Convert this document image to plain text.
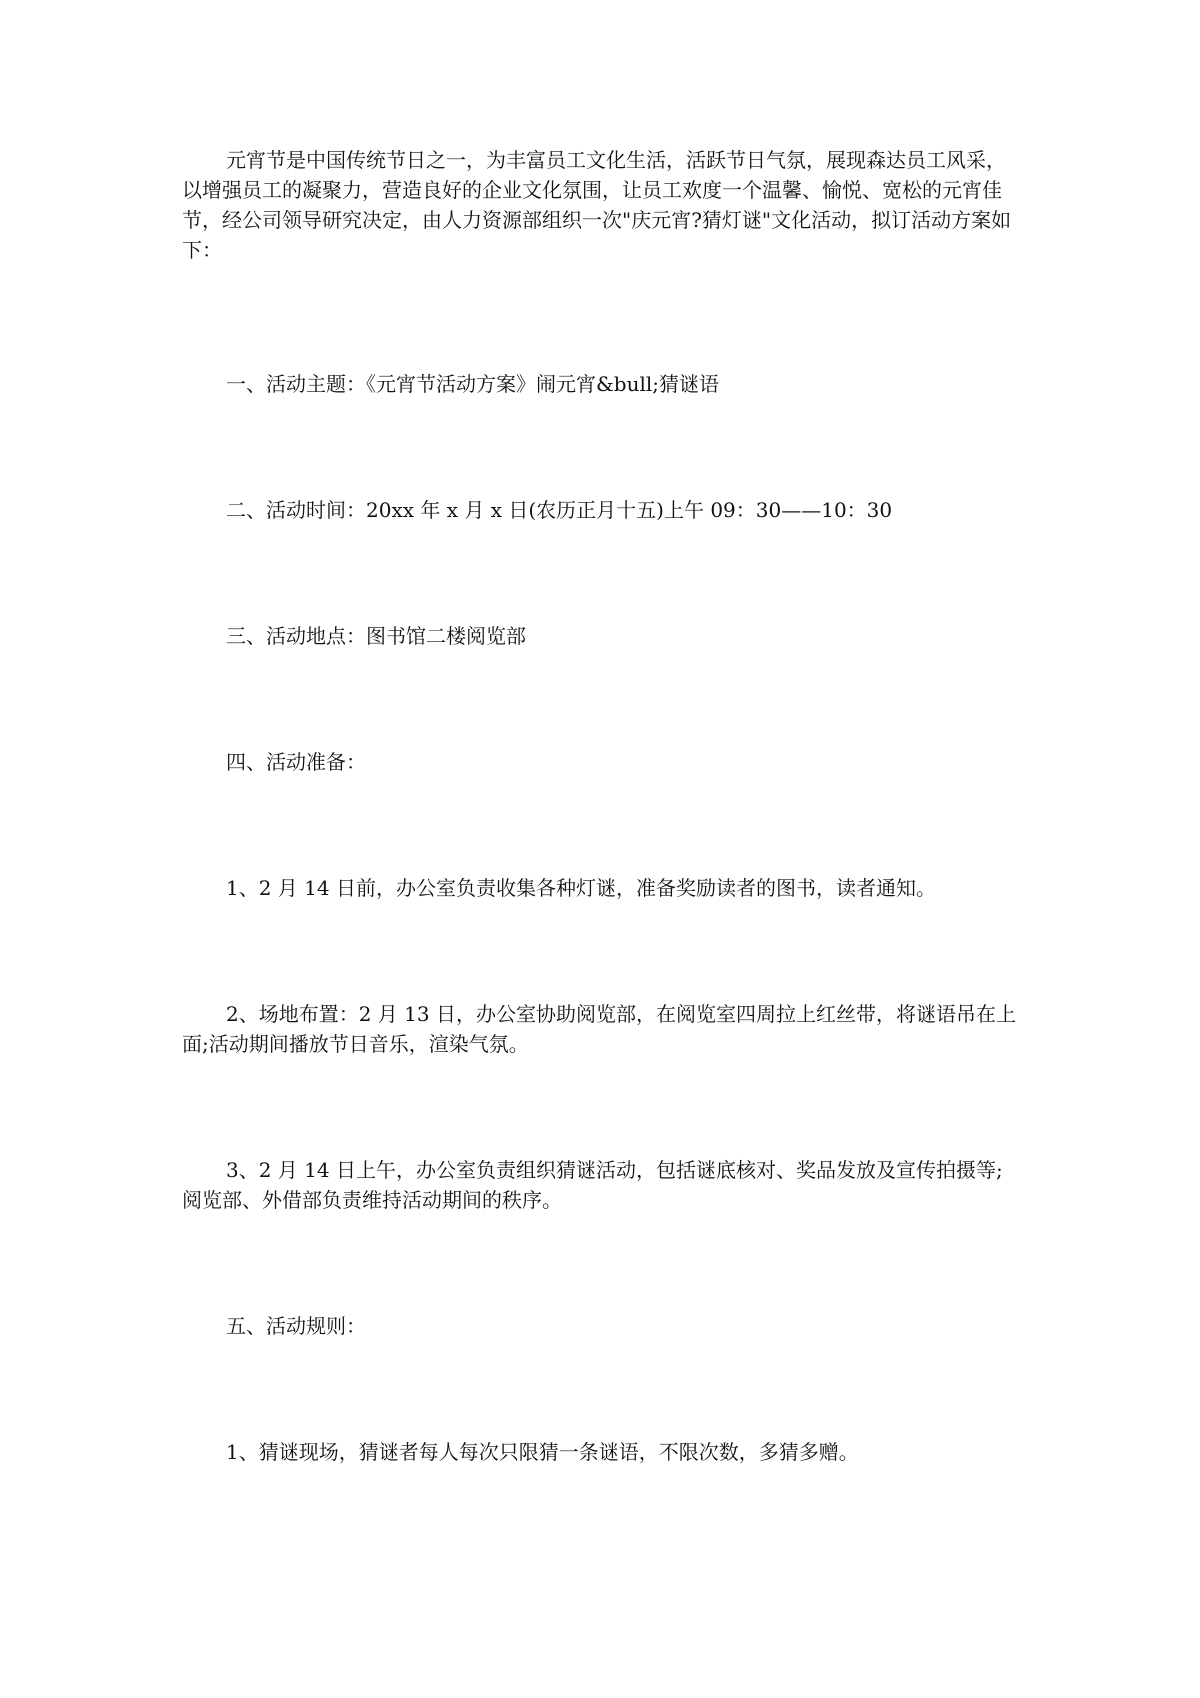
元宵节是中国传统节日之一，为丰富员工文化生活，活跃节日气氛，展现森达员工风采，以增强员工的凝聚力，营造良好的企业文化氛围，让员工欢度一个温馨、愉悦、宽松的元宵佳节，经公司领导研究决定，由人力资源部组织一次"庆元宵?猜灯谜"文化活动，拟订活动方案如下：

一、活动主题：《元宵节活动方案》闹元宵&bull;猜谜语

二、活动时间：20xx 年 x 月 x 日(农历正月十五)上午 09：30——10：30

三、活动地点：图书馆二楼阅览部

四、活动准备：

1、2 月 14 日前，办公室负责收集各种灯谜，准备奖励读者的图书，读者通知。

2、场地布置：2 月 13 日，办公室协助阅览部，在阅览室四周拉上红丝带，将谜语吊在上面;活动期间播放节日音乐，渲染气氛。

3、2 月 14 日上午，办公室负责组织猜谜活动，包括谜底核对、奖品发放及宣传拍摄等;阅览部、外借部负责维持活动期间的秩序。

五、活动规则：

1、猜谜现场，猜谜者每人每次只限猜一条谜语，不限次数，多猜多赠。
